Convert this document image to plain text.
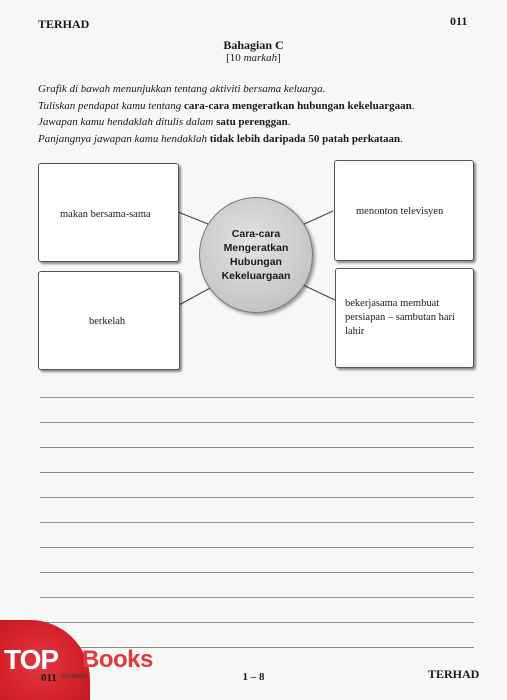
TERHAD	011
Bahagian C
[10 markah]
Grafik di bawah menunjukkan tentang aktiviti bersama keluarga.
Tuliskan pendapat kamu tentang cara-cara mengeratkan hubungan kekeluargaan.
Jawapan kamu hendaklah ditulis dalam satu perenggan.
Panjangnya jawapan kamu hendaklah tidak lebih daripada 50 patah perkataan.
makan bersama-sama	menonton televisyen
berkelah
bekerjasama membuat persiapan – sambutan hari lahir
Cara-cara Mengeratkan Hubungan Kekeluargaan
TOP Books
011 SASBADI	1 – 8	TERHAD
